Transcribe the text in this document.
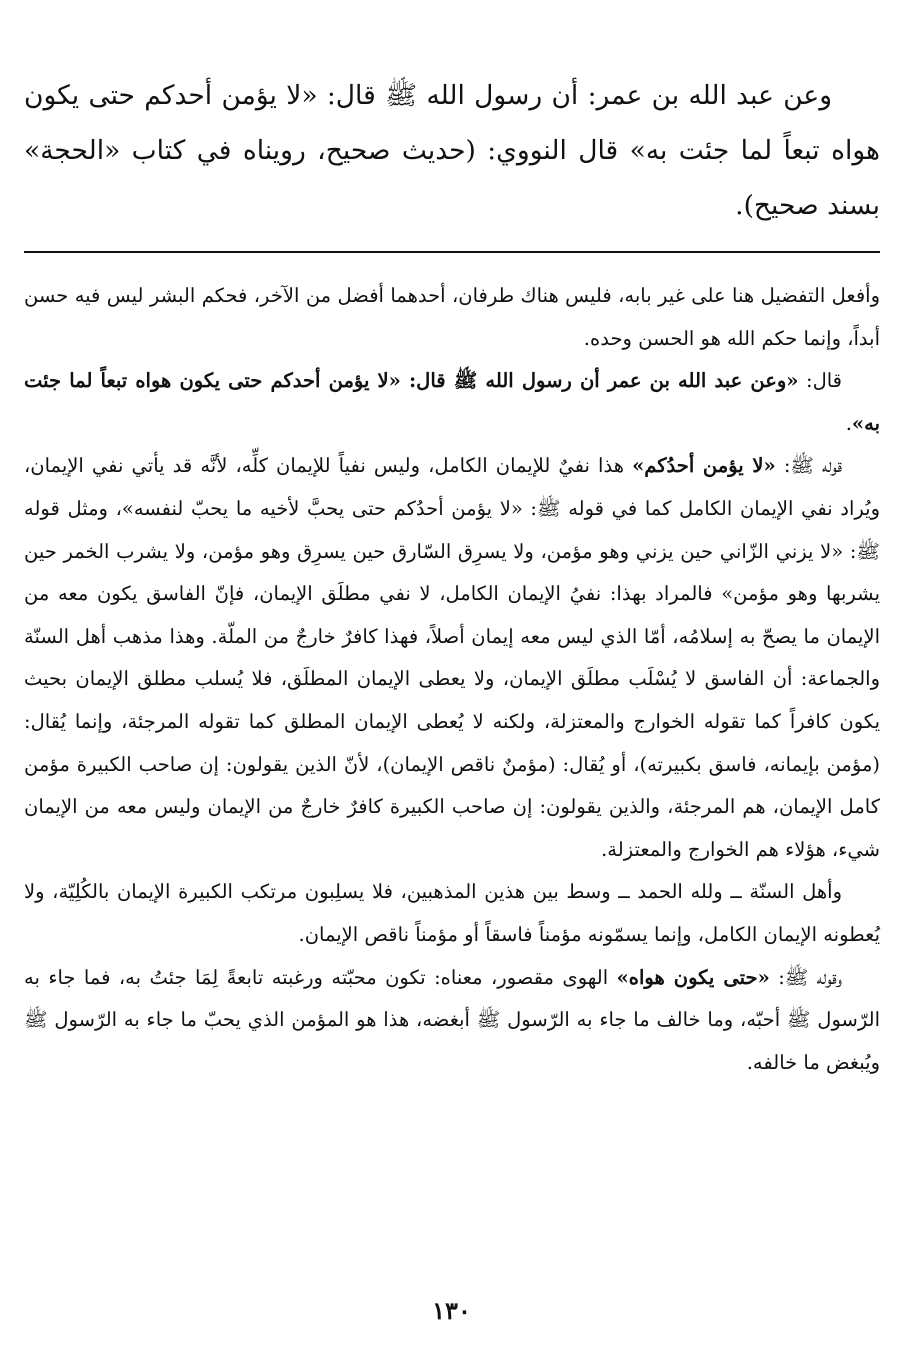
وعن عبد الله بن عمر: أن رسول الله ﷺ قال: «لا يؤمن أحدكم حتى يكون هواه تبعاً لما جئت به» قال النووي: (حديث صحيح، رويناه في كتاب «الحجة» بسند صحيح).

وأفعل التفضيل هنا على غير بابه، فليس هناك طرفان، أحدهما أفضل من الآخر، فحكم البشر ليس فيه حسن أبداً، وإنما حكم الله هو الحسن وحده.

قال: «وعن عبد الله بن عمر أن رسول الله ﷺ قال: «لا يؤمن أحدكم حتى يكون هواه تبعاً لما جئت به».

قوله ﷺ: «لا يؤمن أحدُكم» هذا نفيٌ للإيمان الكامل، وليس نفياً للإيمان كلِّه، لأنَّه قد يأتي نفي الإيمان، ويُراد نفي الإيمان الكامل كما في قوله ﷺ: «لا يؤمن أحدُكم حتى يحبَّ لأخيه ما يحبّ لنفسه»، ومثل قوله ﷺ: «لا يزني الزّاني حين يزني وهو مؤمن، ولا يسرِق السّارق حين يسرِق وهو مؤمن، ولا يشرب الخمر حين يشربها وهو مؤمن» فالمراد بهذا: نفيُ الإيمان الكامل، لا نفي مطلَق الإيمان، فإنّ الفاسق يكون معه من الإيمان ما يصحّ به إسلامُه، أمّا الذي ليس معه إيمان أصلاً، فهذا كافرٌ خارجٌ من الملّة. وهذا مذهب أهل السنّة والجماعة: أن الفاسق لا يُسْلَب مطلَق الإيمان، ولا يعطى الإيمان المطلَق، فلا يُسلب مطلق الإيمان بحيث يكون كافراً كما تقوله الخوارج والمعتزلة، ولكنه لا يُعطى الإيمان المطلق كما تقوله المرجئة، وإنما يُقال: (مؤمن بإيمانه، فاسق بكبيرته)، أو يُقال: (مؤمنٌ ناقص الإيمان)، لأنّ الذين يقولون: إن صاحب الكبيرة مؤمن كامل الإيمان، هم المرجئة، والذين يقولون: إن صاحب الكبيرة كافرٌ خارجٌ من الإيمان وليس معه من الإيمان شيء، هؤلاء هم الخوارج والمعتزلة.

وأهل السنّة ــ ولله الحمد ــ وسط بين هذين المذهبين، فلا يسلِبون مرتكب الكبيرة الإيمان بالكُلِيّة، ولا يُعطونه الإيمان الكامل، وإنما يسمّونه مؤمناً فاسقاً أو مؤمناً ناقص الإيمان.

وقوله ﷺ: «حتى يكون هواه» الهوى مقصور، معناه: تكون محبّته ورغبته تابعةً لِمَا جئتُ به، فما جاء به الرّسول ﷺ أحبّه، وما خالف ما جاء به الرّسول ﷺ أبغضه، هذا هو المؤمن الذي يحبّ ما جاء به الرّسول ﷺ ويُبغض ما خالفه.

١٣٠
